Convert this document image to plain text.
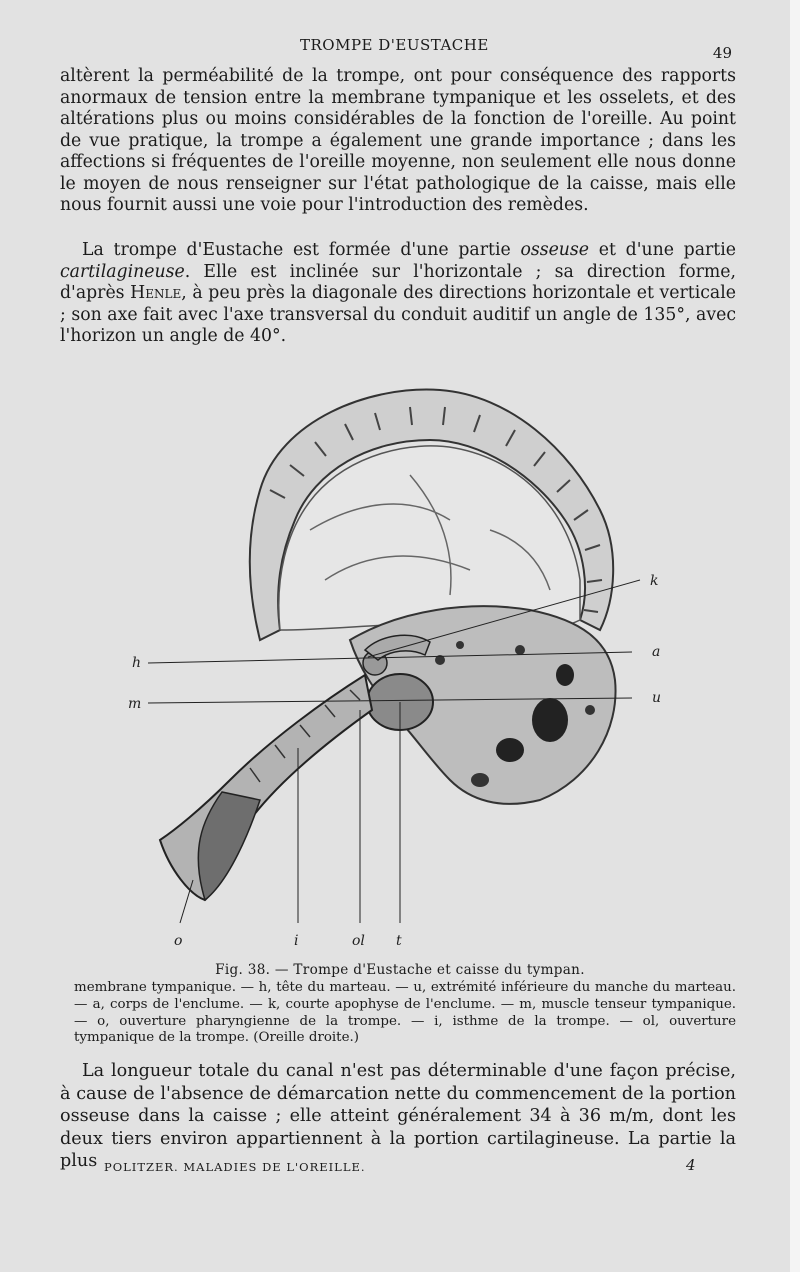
TROMPE D'EUSTACHE	49

altèrent la perméabilité de la trompe, ont pour conséquence des rapports anormaux de tension entre la membrane tympanique et les osselets, et des altérations plus ou moins considérables de la fonction de l'oreille. Au point de vue pratique, la trompe a également une grande importance ; dans les affections si fréquentes de l'oreille moyenne, non seulement elle nous donne le moyen de nous renseigner sur l'état pathologique de la caisse, mais elle nous fournit aussi une voie pour l'introduction des remèdes.

La trompe d'Eustache est formée d'une partie osseuse et d'une partie cartilagineuse. Elle est inclinée sur l'horizontale ; sa direction forme, d'après Henle, à peu près la diagonale des directions horizontale et verticale ; son axe fait avec l'axe transversal du conduit auditif un angle de 135°, avec l'horizon un angle de 40°.

h
m
k
a
u
o	i	ol t
Fig. 38. — Trompe d'Eustache et caisse du tympan.
membrane tympanique. — h, tête du marteau. — u, extrémité inférieure du manche du marteau. — a, corps de l'enclume. — k, courte apophyse de l'enclume. — m, muscle tenseur tympanique. — o, ouverture pharyngienne de la trompe. — i, isthme de la trompe. — ol, ouverture tympanique de la trompe. (Oreille droite.)

La longueur totale du canal n'est pas déterminable d'une façon précise, à cause de l'absence de démarcation nette du commencement de la portion osseuse dans la caisse ; elle atteint généralement 34 à 36 m/m, dont les deux tiers environ appartiennent à la portion cartilagineuse. La partie la plus POLITZER. MALADIES DE L'OREILLE.	4
